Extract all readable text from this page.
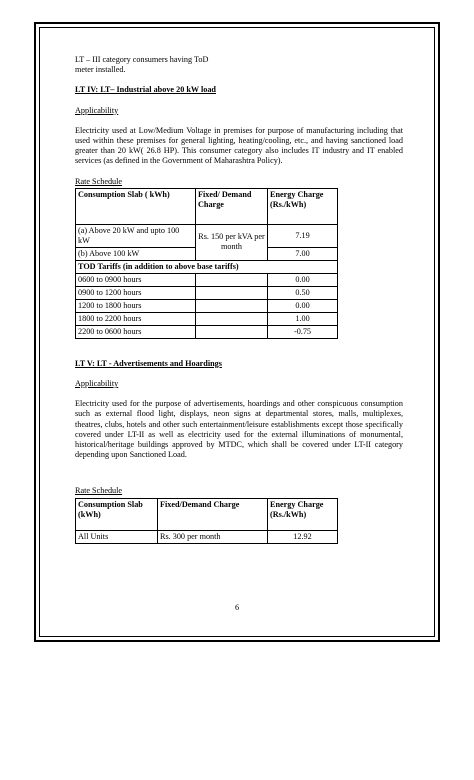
LT – III category consumers having ToD
meter installed.
LT IV: LT– Industrial above 20 kW load
Applicability
Electricity used at Low/Medium Voltage in premises for purpose of manufacturing including that used within these premises for general lighting, heating/cooling, etc., and having sanctioned load greater than 20 kW( 26.8 HP). This consumer category also includes IT industry and IT enabled services (as defined in the Government of Maharashtra Policy).
Rate Schedule
Consumption Slab ( kWh)	Fixed/ Demand Charge	Energy Charge (Rs./kWh)
(a) Above 20 kW and upto 100 kW	Rs. 150 per kVA per month	7.19
(b) Above 100 kW		7.00
TOD Tariffs (in addition to above base tariffs)		
0600 to 0900 hours		0.00
0900 to 1200 hours		0.50
1200 to 1800 hours		0.00
1800 to 2200 hours		1.00
2200 to 0600 hours		-0.75
LT V: LT - Advertisements and Hoardings
Applicability
Electricity used for the purpose of advertisements, hoardings and other conspicuous consumption such as external flood light, displays, neon signs at departmental stores, malls, multiplexes, theatres, clubs, hotels and other such entertainment/leisure establishments except those specifically covered under LT-II as well as electricity used for the external illuminations of monumental, historical/heritage buildings approved by MTDC, which shall be covered under LT-II category depending upon Sanctioned Load.
Rate Schedule
Consumption Slab (kWh)	Fixed/Demand Charge	Energy Charge (Rs./kWh)
All Units	Rs. 300 per month	12.92
6
